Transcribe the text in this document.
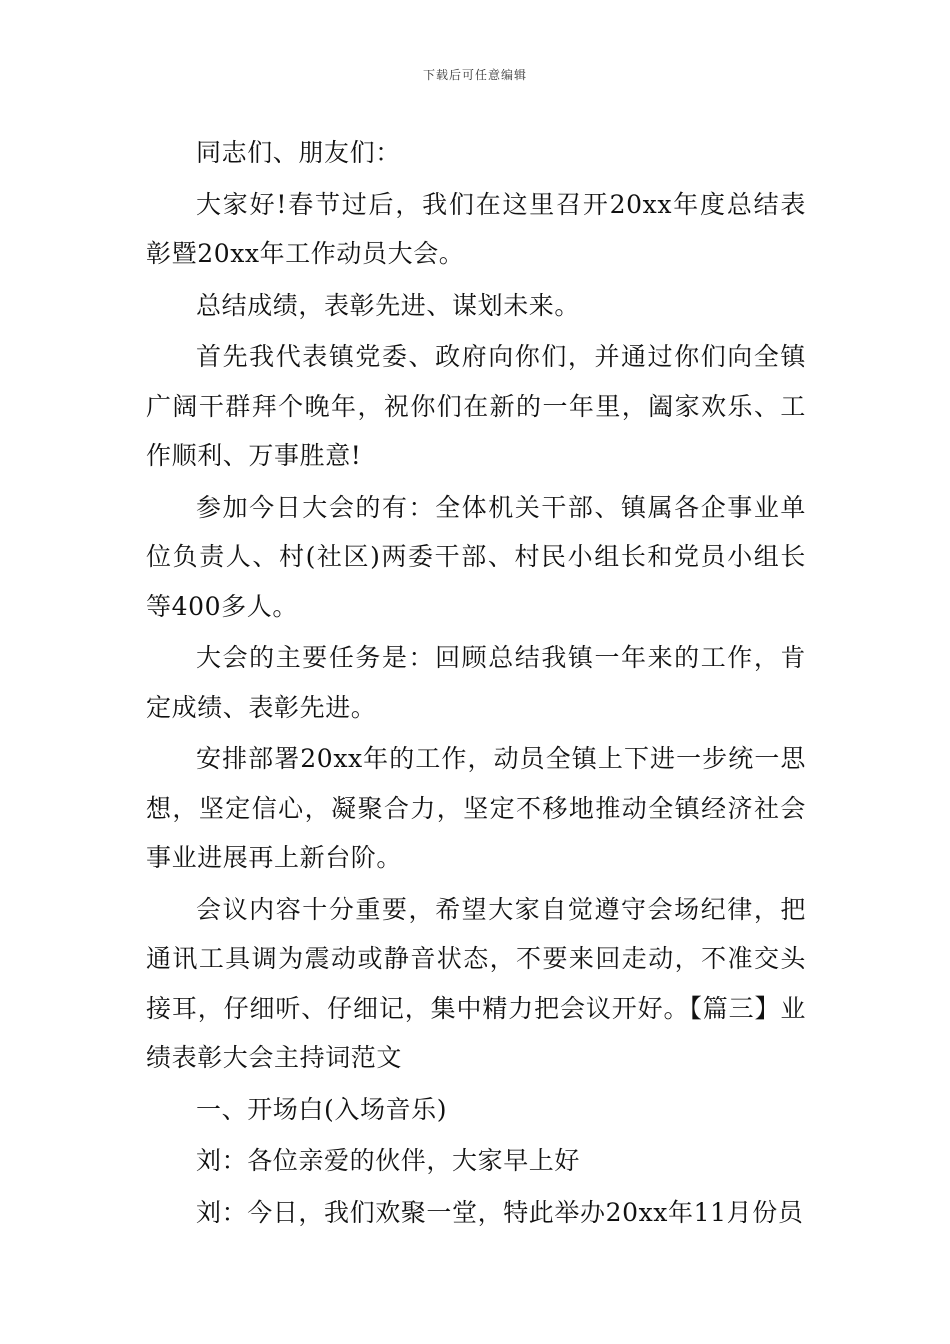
下载后可任意编辑

同志们、朋友们：

大家好!春节过后，我们在这里召开20xx年度总结表彰暨20xx年工作动员大会。

总结成绩，表彰先进、谋划未来。

首先我代表镇党委、政府向你们，并通过你们向全镇广阔干群拜个晚年，祝你们在新的一年里，阖家欢乐、工作顺利、万事胜意!

参加今日大会的有：全体机关干部、镇属各企事业单位负责人、村(社区)两委干部、村民小组长和党员小组长等400多人。

大会的主要任务是：回顾总结我镇一年来的工作，肯定成绩、表彰先进。

安排部署20xx年的工作，动员全镇上下进一步统一思想，坚定信心，凝聚合力，坚定不移地推动全镇经济社会事业进展再上新台阶。

会议内容十分重要，希望大家自觉遵守会场纪律，把通讯工具调为震动或静音状态，不要来回走动，不准交头接耳，仔细听、仔细记，集中精力把会议开好。【篇三】业绩表彰大会主持词范文

一、开场白(入场音乐)

刘：各位亲爱的伙伴，大家早上好

刘：今日，我们欢聚一堂，特此举办20xx年11月份员
